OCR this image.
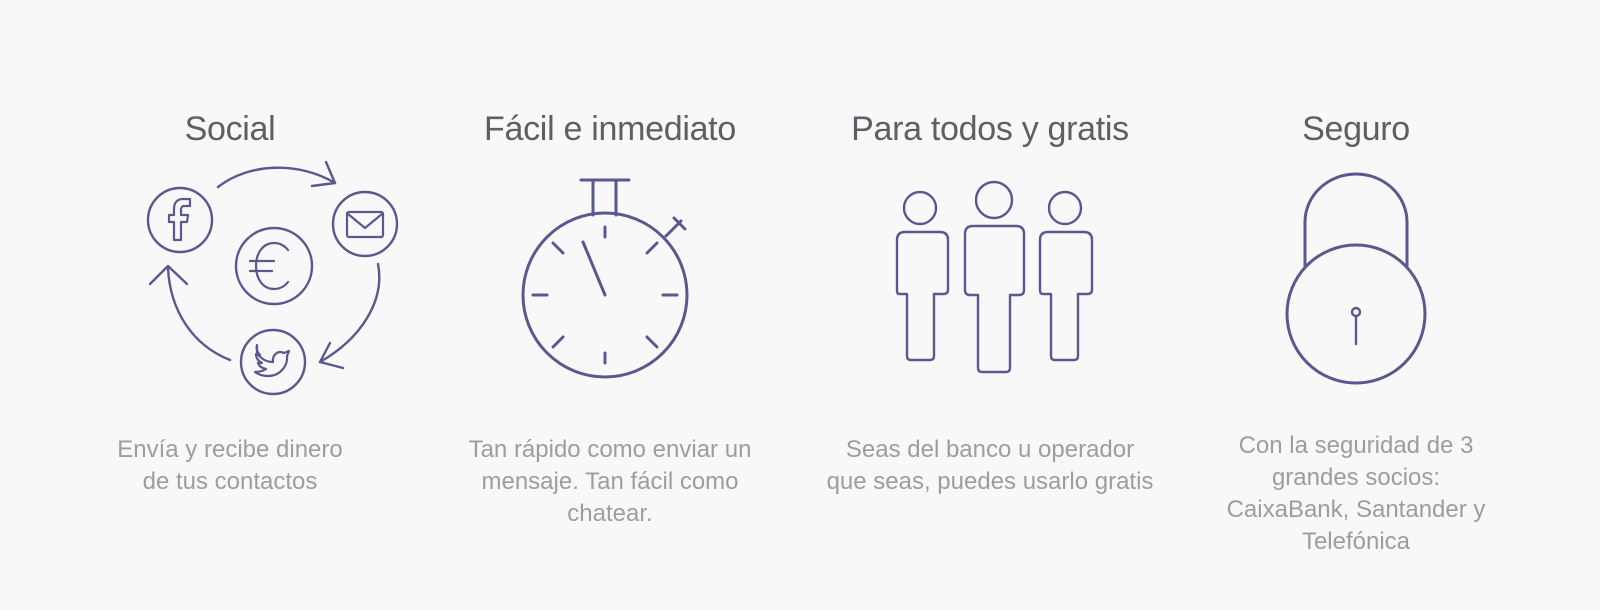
Social

Envía y recibe dinero
de tus contactos

Fácil e inmediato

Tan rápido como enviar un
mensaje. Tan fácil como
chatear.

Para todos y gratis

Seas del banco u operador
que seas, puedes usarlo gratis

Seguro

Con la seguridad de 3
grandes socios:
CaixaBank, Santander y
Telefónica
